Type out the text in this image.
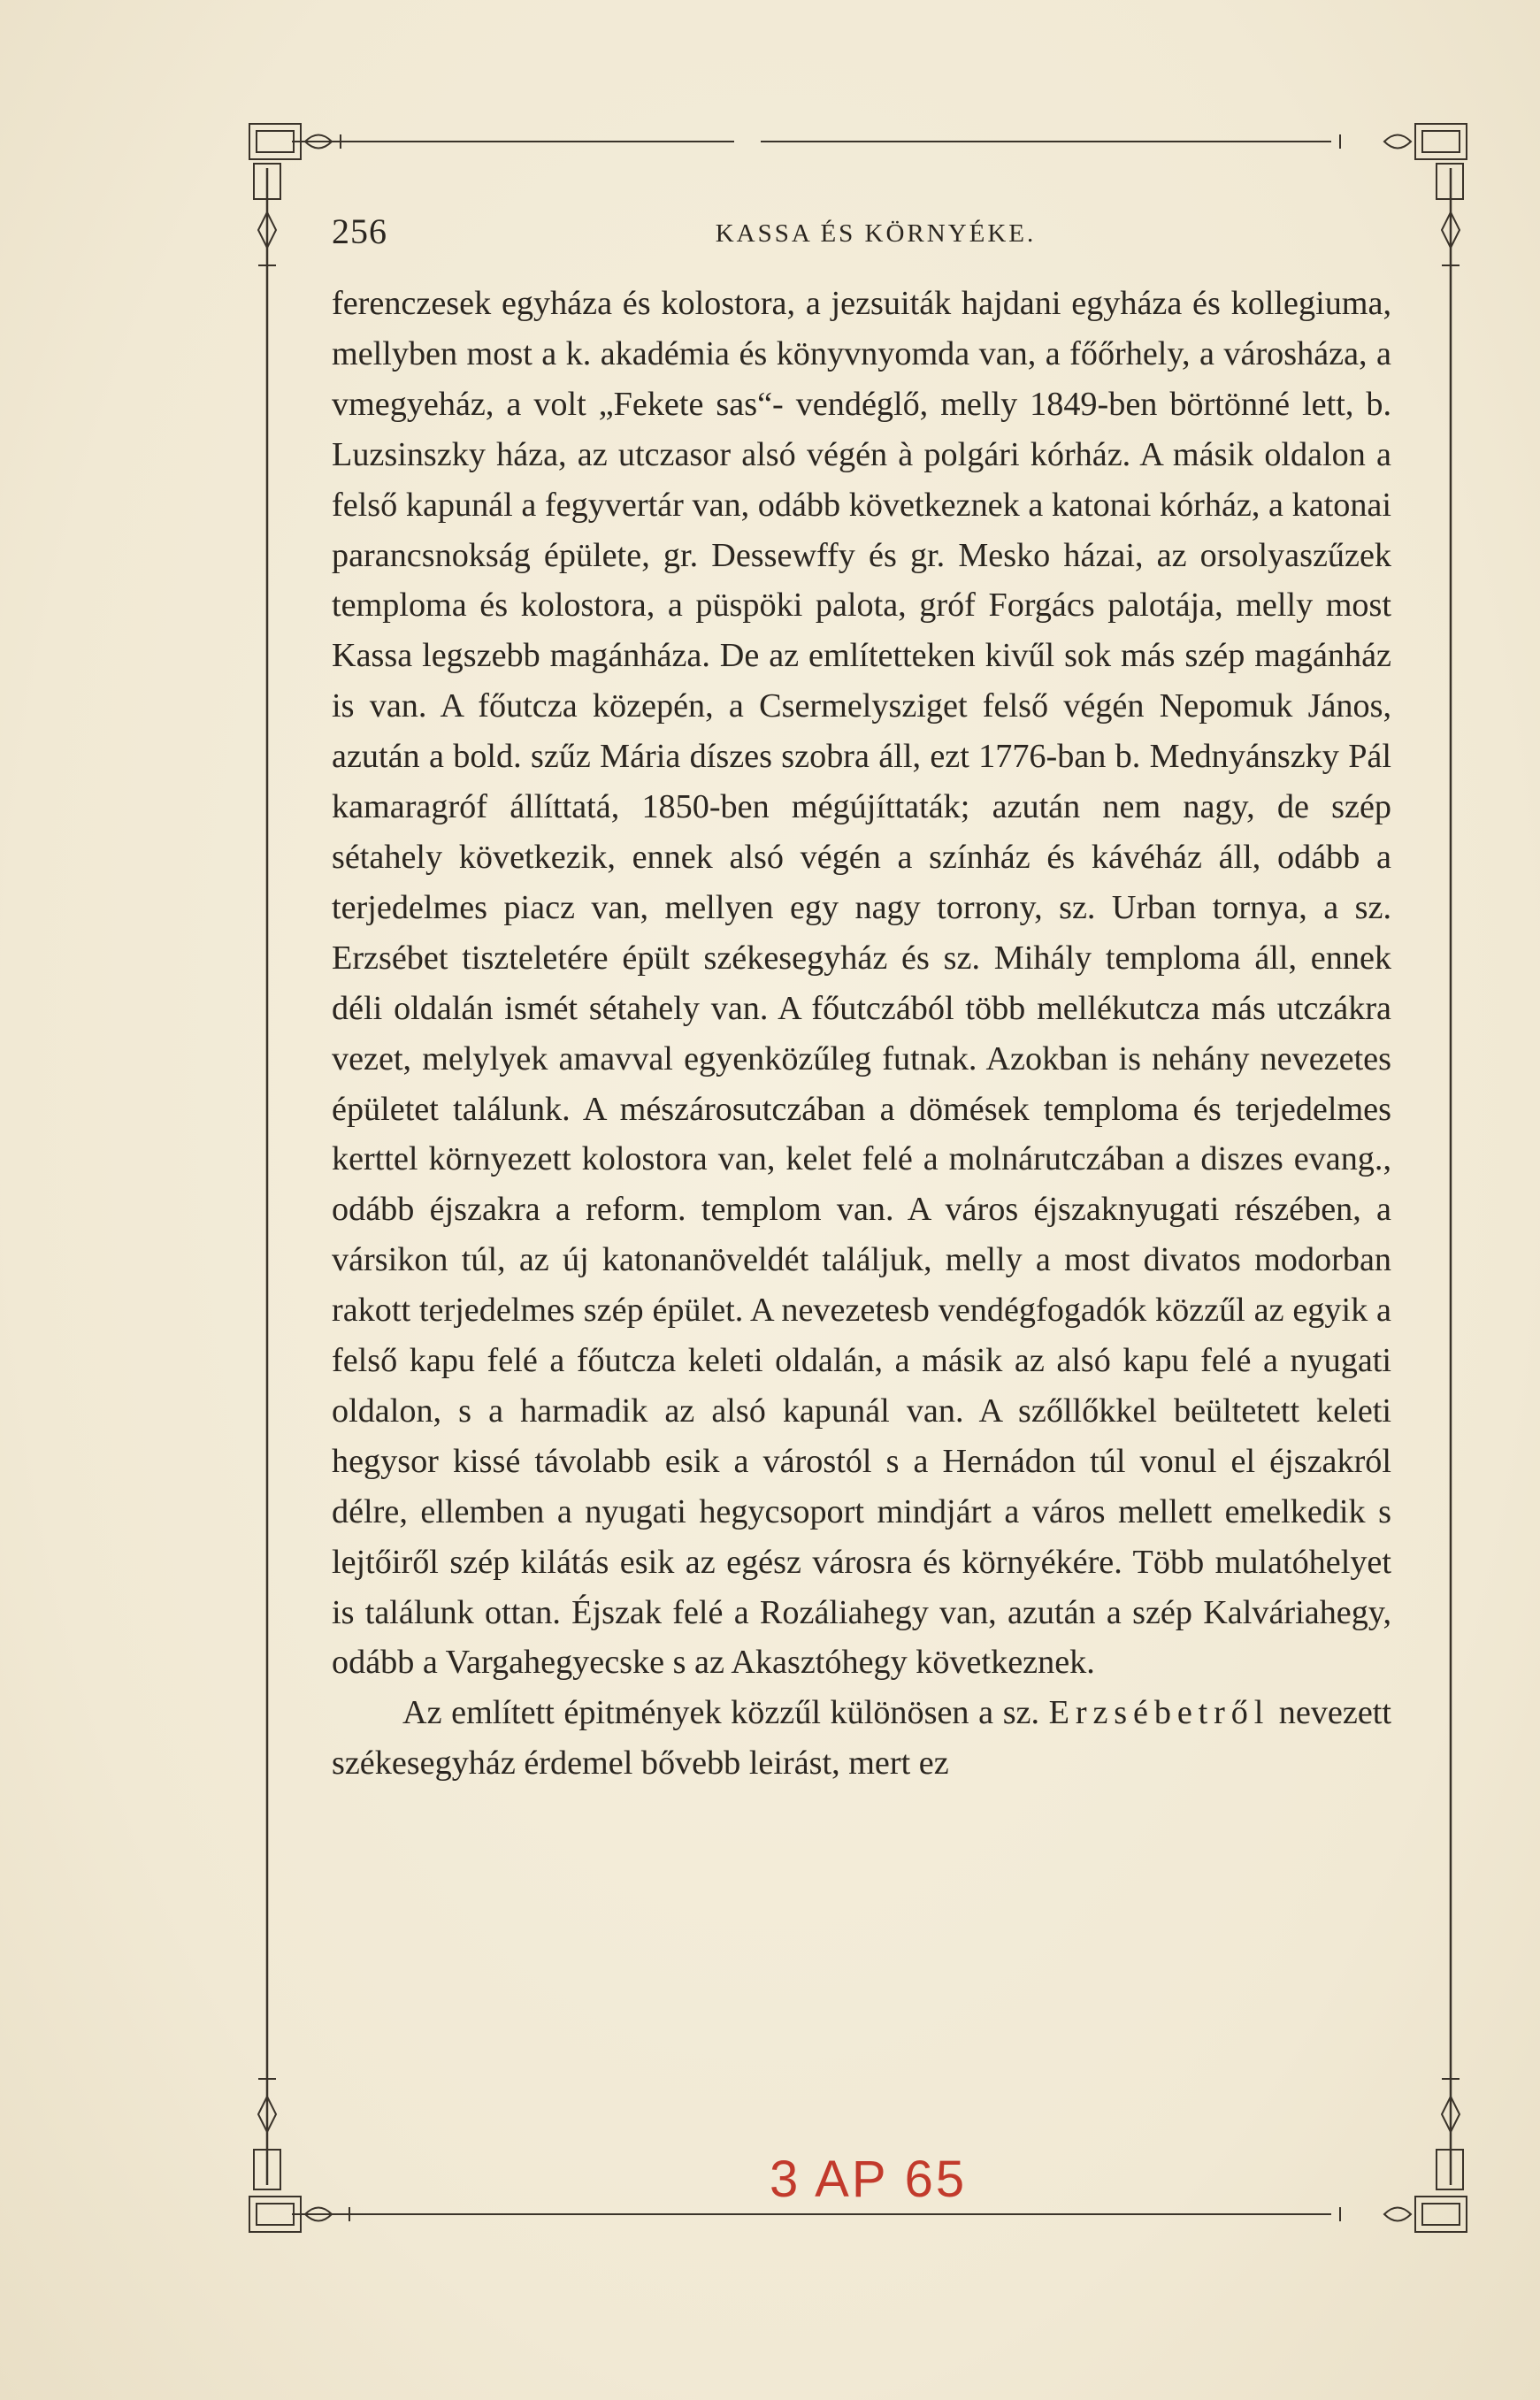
256	KASSA ÉS KÖRNYÉKE.

ferenczesek egyháza és kolostora, a jezsuiták hajdani egyháza és kollegiuma, mellyben most a k. akadémia és könyvnyomda van, a főőrhely, a városháza, a vmegyeház, a volt „Fekete sas“- vendéglő, melly 1849-ben börtönné lett, b. Luzsinszky háza, az utczasor alsó végén à polgári kórház. A másik oldalon a felső kapunál a fegyvertár van, odább következnek a katonai kórház, a katonai parancsnokság épülete, gr. Dessewffy és gr. Mesko házai, az orsolyaszűzek temploma és kolostora, a püspöki palota, gróf Forgács palotája, melly most Kassa legszebb magánháza. De az említetteken kivűl sok más szép magánház is van. A főutcza közepén, a Csermelysziget felső végén Nepomuk János, azután a bold. szűz Mária díszes szobra áll, ezt 1776-ban b. Mednyánszky Pál kamaragróf állíttatá, 1850-ben mégújíttaták; azután nem nagy, de szép sétahely következik, ennek alsó végén a színház és kávéház áll, odább a terjedelmes piacz van, mellyen egy nagy torrony, sz. Urban tornya, a sz. Erzsébet tiszteletére épült székesegyház és sz. Mihály temploma áll, ennek déli oldalán ismét sétahely van. A főutczából több mellékutcza más utczákra vezet, melylyek amavval egyenközűleg futnak. Azokban is nehány nevezetes épületet találunk. A mészárosutczában a dömések temploma és terjedelmes kerttel környezett kolostora van, kelet felé a molnárutczában a diszes evang., odább éjszakra a reform. templom van. A város éjszaknyugati részében, a vársikon túl, az új katonanöveldét találjuk, melly a most divatos modorban rakott terjedelmes szép épület. A nevezetesb vendégfogadók közzűl az egyik a felső kapu felé a főutcza keleti oldalán, a másik az alsó kapu felé a nyugati oldalon, s a harmadik az alsó kapunál van. A szőllőkkel beültetett keleti hegysor kissé távolabb esik a várostól s a Hernádon túl vonul el éjszakról délre, ellemben a nyugati hegycsoport mindjárt a város mellett emelkedik s lejtőiről szép kilátás esik az egész városra és környékére. Több mulatóhelyet is találunk ottan. Éjszak felé a Rozáliahegy van, azután a szép Kalváriahegy, odább a Vargahegyecske s az Akasztóhegy következnek.

Az említett épitmények közzűl különösen a sz. Erzsébetről nevezett székesegyház érdemel bővebb leirást, mert ez

3 AP 65
